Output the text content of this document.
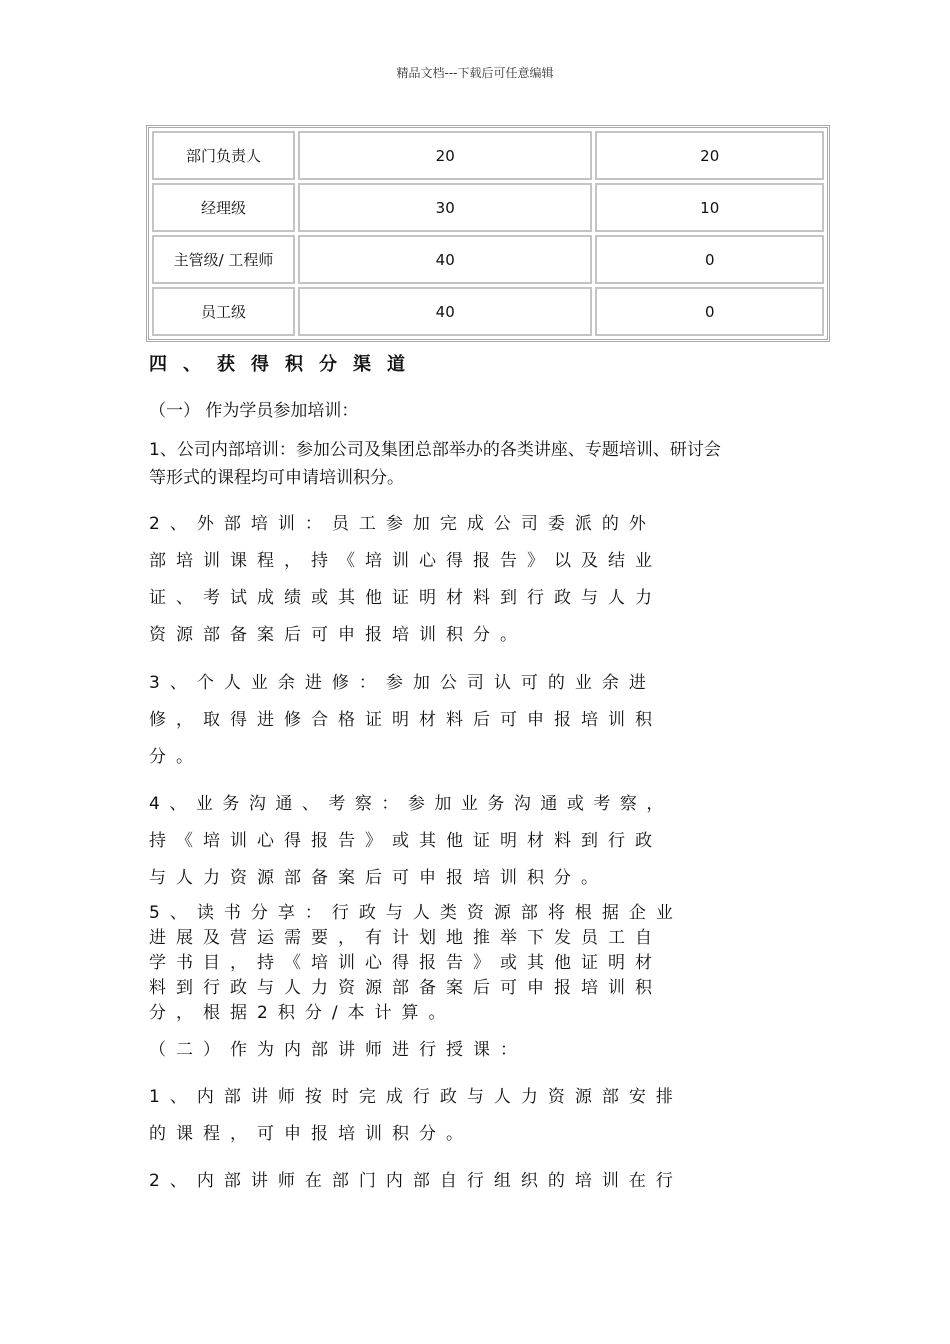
精品文档---下载后可任意编辑
部门负责人	20	20
经理级	30	10
主管级/ 工程师	40	0
员工级	40	0
四、获得积分渠道
（一） 作为学员参加培训：
1、公司内部培训：参加公司及集团总部举办的各类讲座、专题培训、研讨会
等形式的课程均可申请培训积分。
2、外部培训：员工参加完成公司委派的外
部培训课程，持《培训心得报告》以及结业
证、考试成绩或其他证明材料到行政与人力
资源部备案后可申报培训积分。
3、个人业余进修：参加公司认可的业余进
修，取得进修合格证明材料后可申报培训积
分。
4、业务沟通、考察：参加业务沟通或考察，
持《培训心得报告》或其他证明材料到行政
与人力资源部备案后可申报培训积分。
5、读书分享：行政与人类资源部将根据企业
进展及营运需要，有计划地推举下发员工自
学书目，持《培训心得报告》或其他证明材
料到行政与人力资源部备案后可申报培训积
分，根据2积分/本计算。
（二）作为内部讲师进行授课：
1、内部讲师按时完成行政与人力资源部安排
的课程，可申报培训积分。
2、内部讲师在部门内部自行组织的培训在行
